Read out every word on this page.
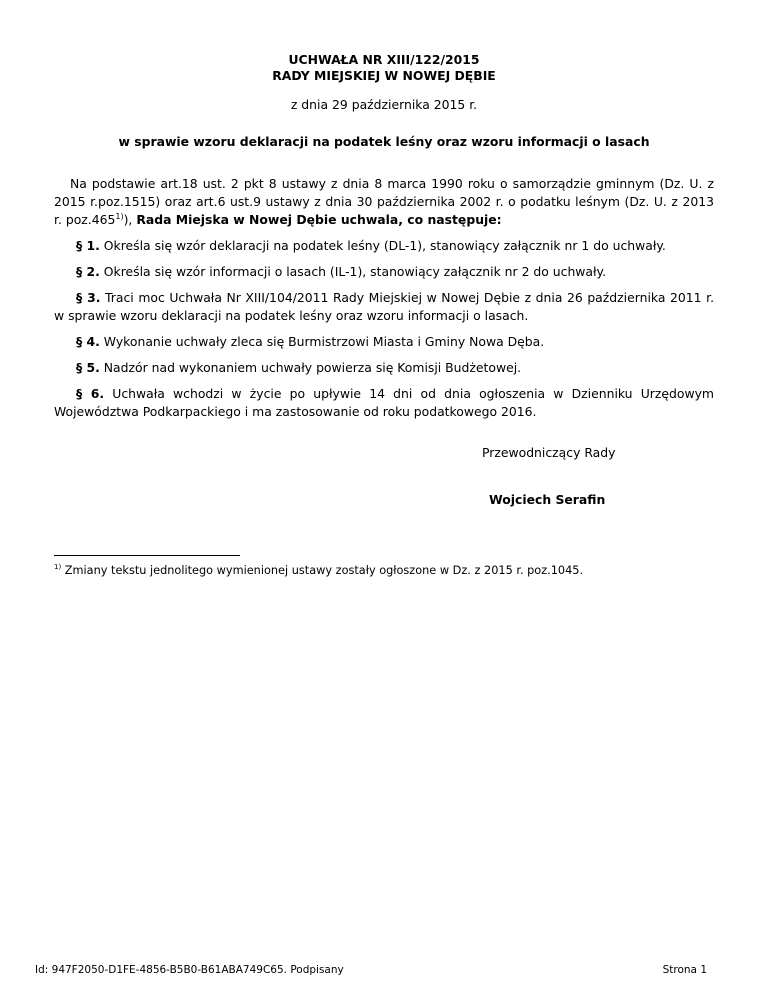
UCHWAŁA NR XIII/122/2015
RADY MIEJSKIEJ W NOWEJ DĘBIE
z dnia 29 października 2015 r.
w sprawie wzoru deklaracji na podatek leśny oraz wzoru informacji o lasach

Na podstawie art.18 ust. 2 pkt 8 ustawy z dnia 8 marca 1990 roku o samorządzie gminnym (Dz. U. z 2015 r.poz.1515) oraz art.6 ust.9 ustawy z dnia 30 października 2002 r. o podatku leśnym (Dz. U. z 2013 r. poz.465$^{1)}$), Rada Miejska w Nowej Dębie uchwala, co następuje:

§ 1. Określa się wzór deklaracji na podatek leśny (DL-1), stanowiący załącznik nr 1 do uchwały.

§ 2. Określa się wzór informacji o lasach (IL-1), stanowiący załącznik nr 2 do uchwały.

§ 3. Traci moc Uchwała Nr XIII/104/2011 Rady Miejskiej w Nowej Dębie z dnia 26 października 2011 r. w sprawie wzoru deklaracji na podatek leśny oraz wzoru informacji o lasach.

§ 4. Wykonanie uchwały zleca się Burmistrzowi Miasta i Gminy Nowa Dęba.

§ 5. Nadzór nad wykonaniem uchwały powierza się Komisji Budżetowej.

§ 6. Uchwała wchodzi w życie po upływie 14 dni od dnia ogłoszenia w Dzienniku Urzędowym Województwa Podkarpackiego i ma zastosowanie od roku podatkowego 2016.

Przewodniczący Rady
Wojciech Serafin
$^{1)}$ Zmiany tekstu jednolitego wymienionej ustawy zostały ogłoszone w Dz. z 2015 r. poz.1045.
Id: 947F2050-D1FE-4856-B5B0-B61ABA749C65. Podpisany	Strona 1
